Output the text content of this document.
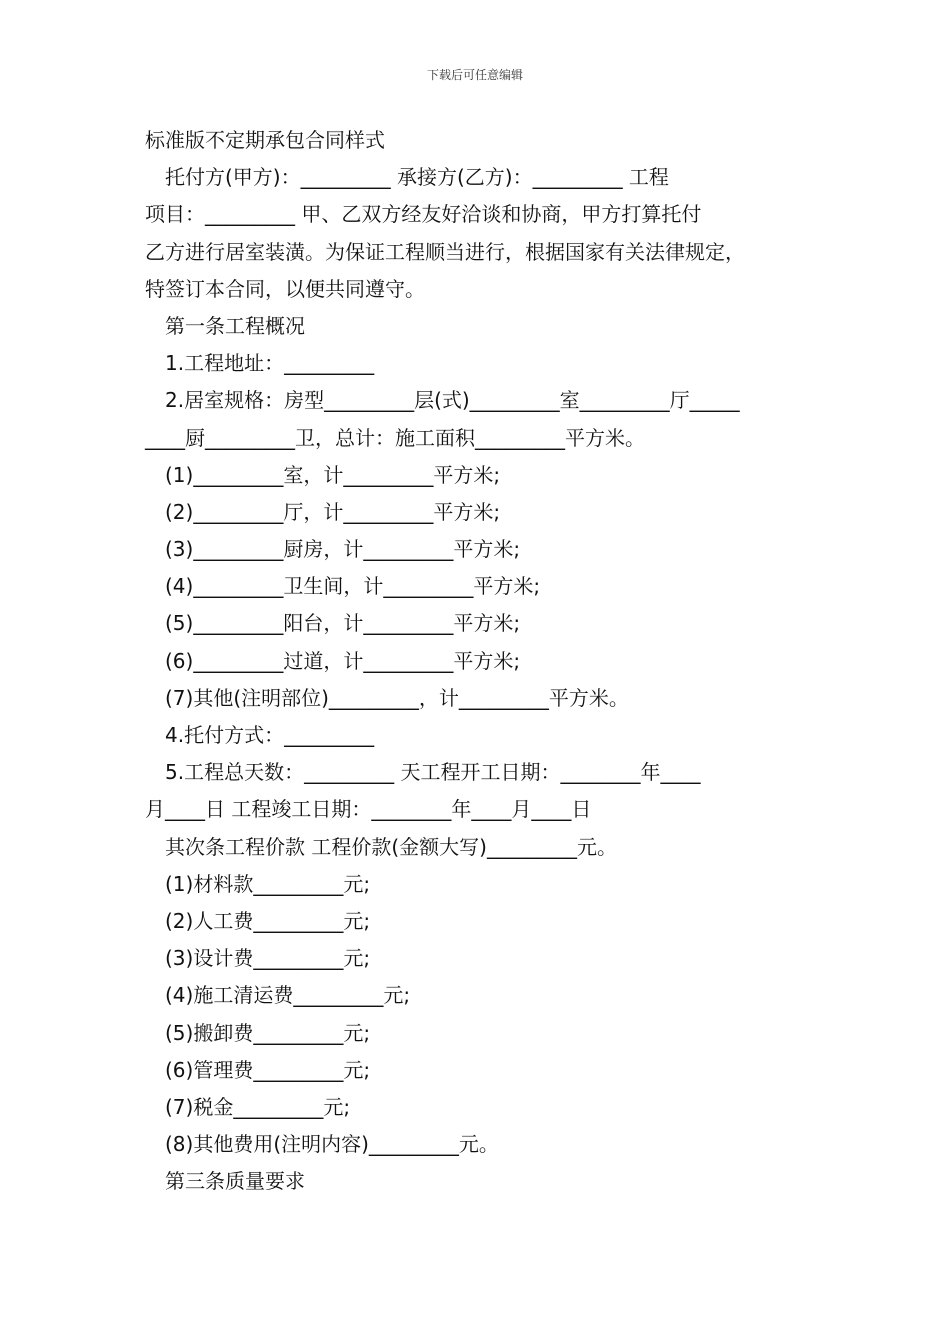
下载后可任意编辑
标准版不定期承包合同样式
托付方(甲方)：_________ 承接方(乙方)：_________ 工程
项目：_________ 甲、乙双方经友好洽谈和协商，甲方打算托付
乙方进行居室装潢。为保证工程顺当进行，根据国家有关法律规定，
特签订本合同，以便共同遵守。
第一条工程概况
1.工程地址：_________
2.居室规格：房型_________层(式)_________室_________厅_____
____厨_________卫，总计：施工面积_________平方米。
(1)_________室，计_________平方米;
(2)_________厅，计_________平方米;
(3)_________厨房，计_________平方米;
(4)_________卫生间，计_________平方米;
(5)_________阳台，计_________平方米;
(6)_________过道，计_________平方米;
(7)其他(注明部位)_________，计_________平方米。
4.托付方式：_________
5.工程总天数：_________ 天工程开工日期：________年____
月____日 工程竣工日期：________年____月____日
其次条工程价款 工程价款(金额大写)_________元。
(1)材料款_________元;
(2)人工费_________元;
(3)设计费_________元;
(4)施工清运费_________元;
(5)搬卸费_________元;
(6)管理费_________元;
(7)税金_________元;
(8)其他费用(注明内容)_________元。
第三条质量要求
